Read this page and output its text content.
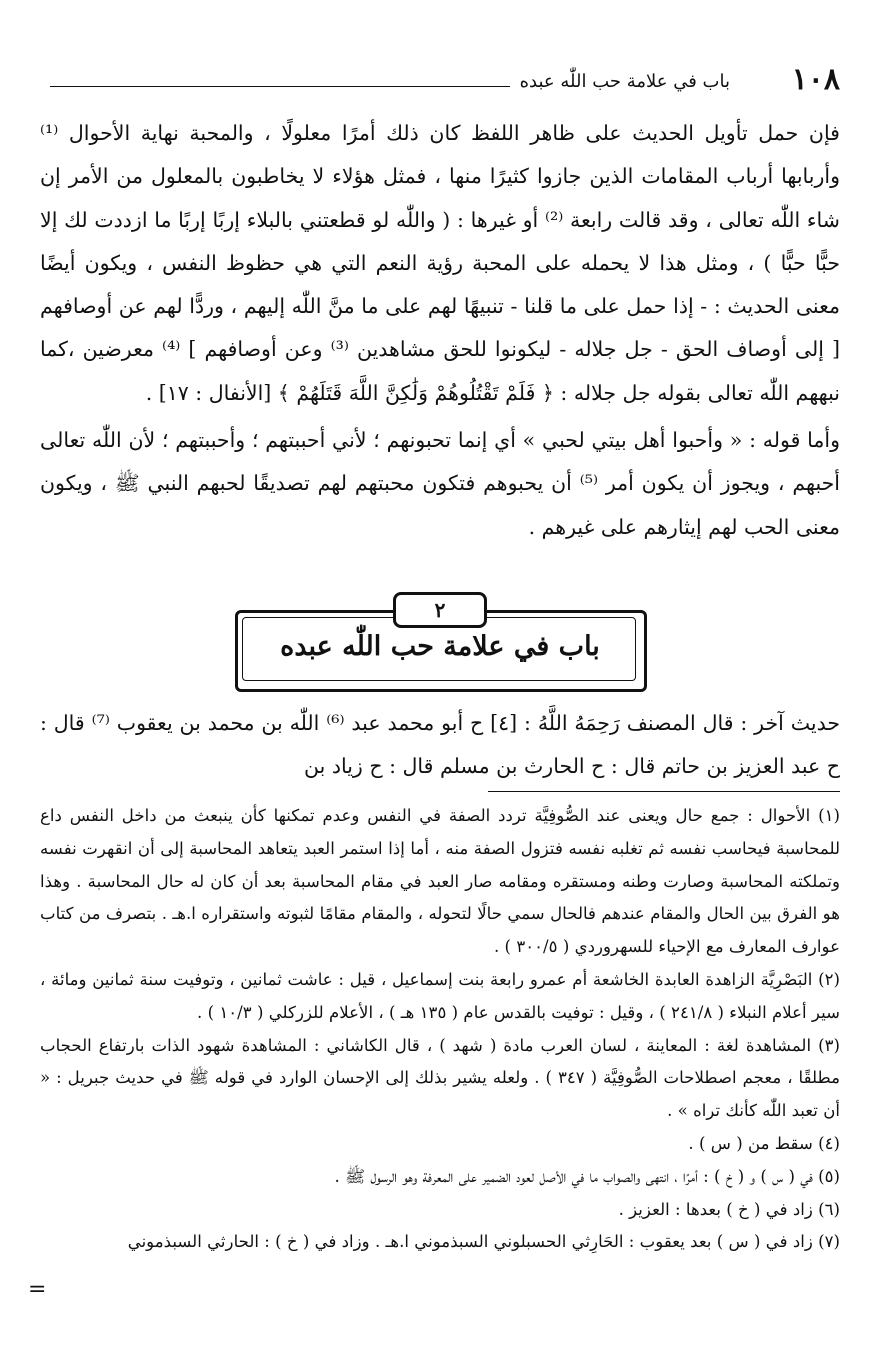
١٠٨
باب في علامة حب اللّٰه عبده

فإن حمل تأويل الحديث على ظاهر اللفظ كان ذلك أمرًا معلولًا ، والمحبة نهاية الأحوال ⁽¹⁾ وأربابها أرباب المقامات الذين جازوا كثيرًا منها ، فمثل هؤلاء لا يخاطبون بالمعلول من الأمر إن شاء اللّٰه تعالى ، وقد قالت رابعة ⁽²⁾ أو غيرها : ( واللّٰه لو قطعتني بالبلاء إربًا إربًا ما ازددت لك إلا حبًّا حبًّا ) ، ومثل هذا لا يحمله على المحبة رؤية النعم التي هي حظوظ النفس ، ويكون أيضًا معنى الحديث : - إذا حمل على ما قلنا - تنبيهًا لهم على ما منَّ اللّٰه إليهم ، وردًّا لهم عن أوصافهم [ إلى أوصاف الحق - جل جلاله - ليكونوا للحق مشاهدين ⁽³⁾ وعن أوصافهم ] ⁽⁴⁾ معرضين ،كما نبههم اللّٰه تعالى بقوله جل جلاله : ﴿ فَلَمْ تَقْتُلُوهُمْ وَلَٰكِنَّ اللَّهَ قَتَلَهُمْ ﴾ [الأنفال : ١٧] .

وأما قوله : « وأحبوا أهل بيتي لحبي » أي إنما تحبونهم ؛ لأني أحببتهم ؛ وأحببتهم ؛ لأن اللّٰه تعالى أحبهم ، ويجوز أن يكون أمر ⁽⁵⁾ أن يحبوهم فتكون محبتهم لهم تصديقًا لحبهم النبي ﷺ ، ويكون معنى الحب لهم إيثارهم على غيرهم .

باب في علامة حب اللّٰه عبده
٢

حديث آخر : قال المصنف رَحِمَهُ اللَّهُ : [٤] ح أبو محمد عبد ⁽⁶⁾ اللّٰه بن محمد بن يعقوب ⁽⁷⁾ قال : ح عبد العزيز بن حاتم قال : ح الحارث بن مسلم قال : ح زياد بن

(١) الأحوال : جمع حال ويعنى عند الصُّوفِيَّة تردد الصفة في النفس وعدم تمكنها كأن ينبعث من داخل النفس داع للمحاسبة فيحاسب نفسه ثم تغلبه نفسه فتزول الصفة منه ، أما إذا استمر العبد يتعاهد المحاسبة إلى أن انقهرت نفسه وتملكته المحاسبة وصارت وطنه ومستقره ومقامه صار العبد في مقام المحاسبة بعد أن كان له حال المحاسبة . وهذا هو الفرق بين الحال والمقام عندهم فالحال سمي حالًا لتحوله ، والمقام مقامًا لثبوته واستقراره ا.هـ . بتصرف من كتاب عوارف المعارف مع الإحياء للسهروردي ( ٣٠٠/٥ ) .

(٢) البَصْرِيَّة الزاهدة العابدة الخاشعة أم عمرو رابعة بنت إسماعيل ، قيل : عاشت ثمانين ، وتوفيت سنة ثمانين ومائة ، سير أعلام النبلاء ( ٢٤١/٨ ) ، وقيل : توفيت بالقدس عام ( ١٣٥ هـ ) ، الأعلام للزركلي ( ١٠/٣ ) .

(٣) المشاهدة لغة : المعاينة ، لسان العرب مادة ( شهد ) ، قال الكاشاني : المشاهدة شهود الذات بارتفاع الحجاب مطلقًا ، معجم اصطلاحات الصُّوفِيَّة ( ٣٤٧ ) . ولعله يشير بذلك إلى الإحسان الوارد في قوله ﷺ في حديث جبريل : « أن تعبد اللّٰه كأنك تراه » .

(٤) سقط من ( س ) .

(٥) في ( س ) و ( خ ) : أمرًا ، انتهى والصواب ما في الأصل لعود الضمير على المعرفة وهو الرسول ﷺ .

(٦) زاد في ( خ ) بعدها : العزيز .

(٧) زاد في ( س ) بعد يعقوب : الحَارِثي الحسبلوني السبذموني ا.هـ . وزاد في ( خ ) : الحارثي السبذموني

=
